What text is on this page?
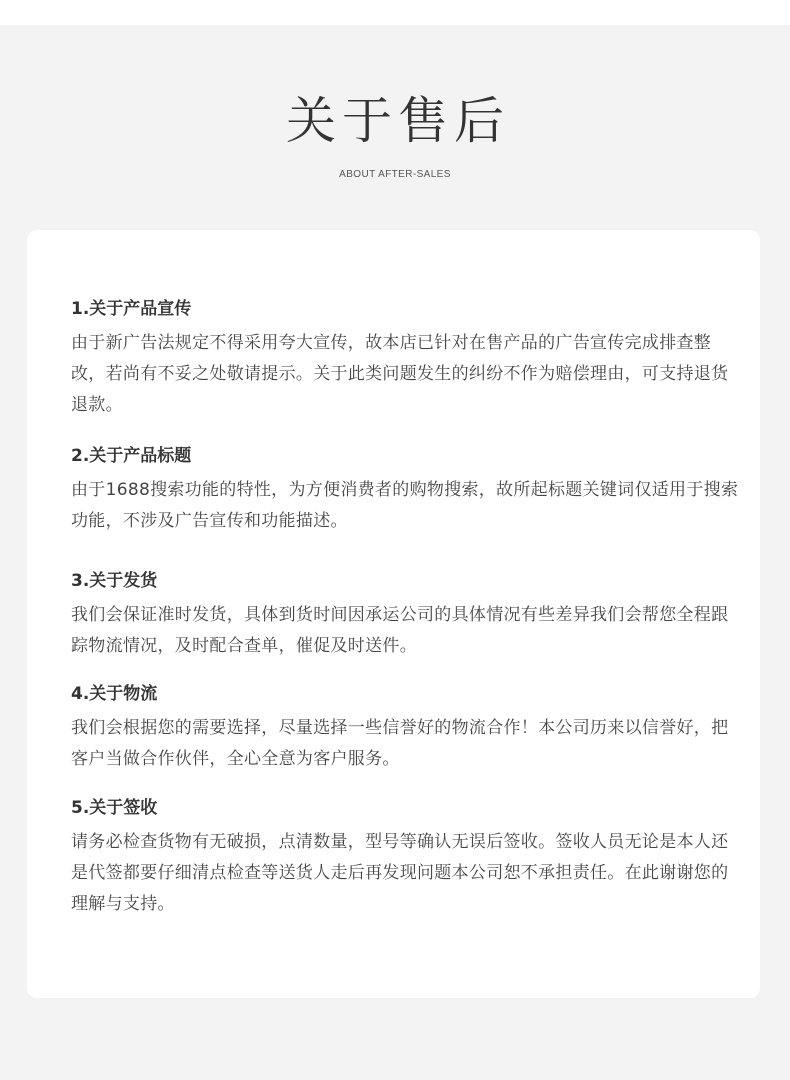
关于售后
ABOUT AFTER-SALES
1.关于产品宣传
由于新广告法规定不得采用夸大宣传，故本店已针对在售产品的广告宣传完成排查整改，若尚有不妥之处敬请提示。关于此类问题发生的纠纷不作为赔偿理由，可支持退货退款。
2.关于产品标题
由于1688搜索功能的特性，为方便消费者的购物搜索，故所起标题关键词仅适用于搜索功能，不涉及广告宣传和功能描述。
3.关于发货
我们会保证准时发货，具体到货时间因承运公司的具体情况有些差异我们会帮您全程跟踪物流情况，及时配合查单，催促及时送件。
4.关于物流
我们会根据您的需要选择，尽量选择一些信誉好的物流合作！本公司历来以信誉好，把客户当做合作伙伴，全心全意为客户服务。
5.关于签收
请务必检查货物有无破损，点清数量，型号等确认无误后签收。签收人员无论是本人还是代签都要仔细清点检查等送货人走后再发现问题本公司恕不承担责任。在此谢谢您的理解与支持。
